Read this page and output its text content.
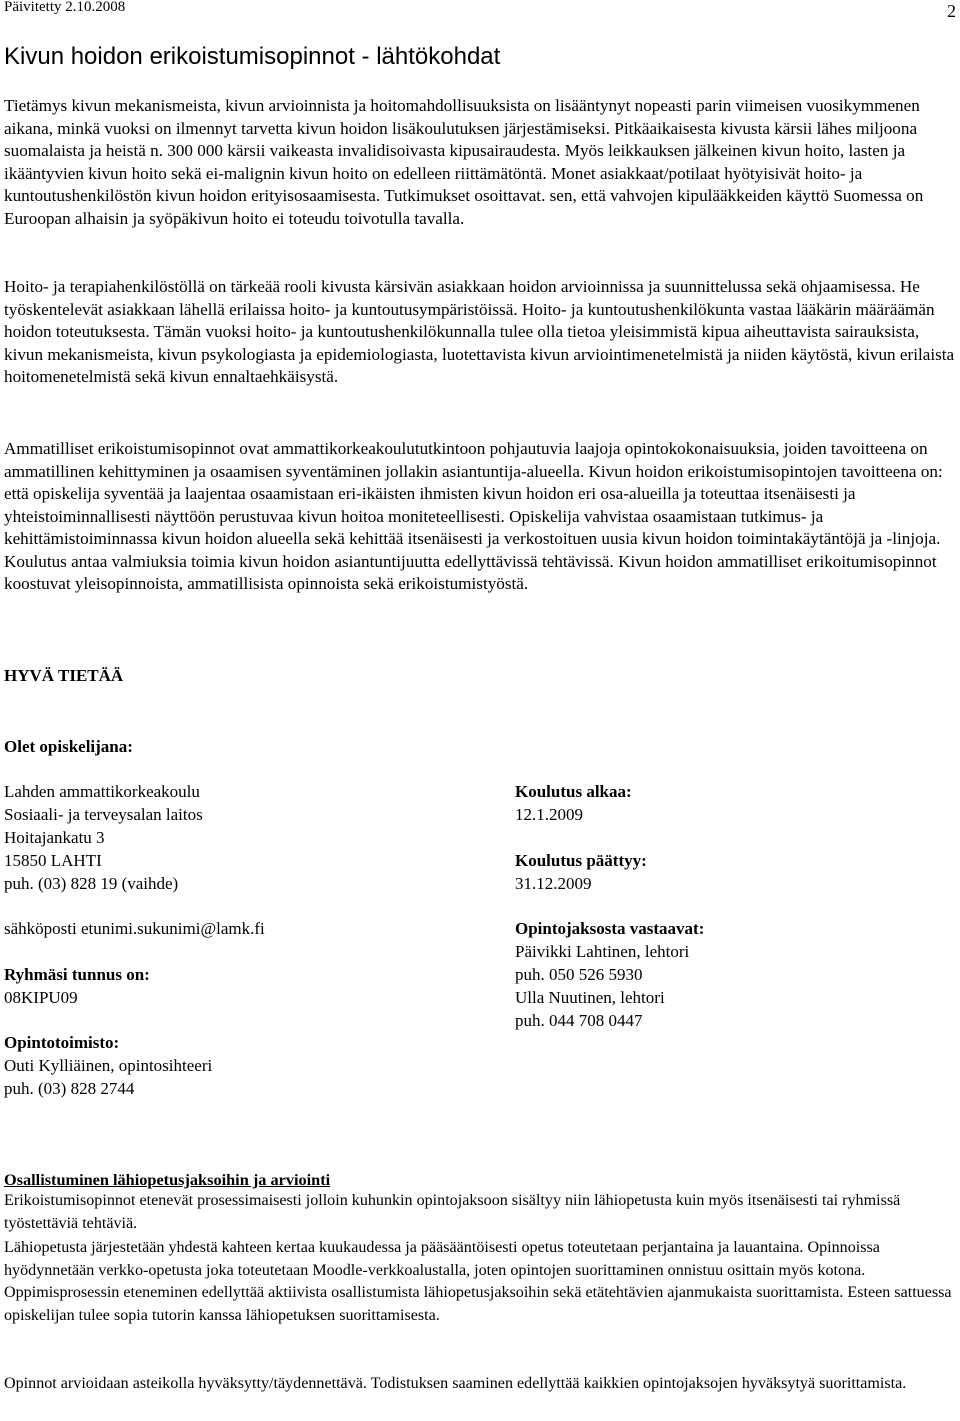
Päivitetty 2.10.2008	2
Kivun hoidon erikoistumisopinnot - lähtökohdat

Tietämys kivun mekanismeista, kivun arvioinnista ja hoitomahdollisuuksista on lisääntynyt nopeasti parin viimeisen vuosikymmenen aikana, minkä vuoksi on ilmennyt tarvetta kivun hoidon lisäkoulutuksen järjestämiseksi. Pitkäaikaisesta kivusta kärsii lähes miljoona suomalaista ja heistä n. 300 000 kärsii vaikeasta invalidisoivasta kipusairaudesta. Myös leikkauksen jälkeinen kivun hoito, lasten ja ikääntyvien kivun hoito sekä ei-malignin kivun hoito on edelleen riittämätöntä. Monet asiakkaat/potilaat hyötyisivät hoito- ja kuntoutushenkilöstön kivun hoidon erityisosaamisesta. Tutkimukset osoittavat. sen, että vahvojen kipulääkkeiden käyttö Suomessa on Euroopan alhaisin ja syöpäkivun hoito ei toteudu toivotulla tavalla.

Hoito- ja terapiahenkilöstöllä on tärkeää rooli kivusta kärsivän asiakkaan hoidon arvioinnissa ja suunnittelussa sekä ohjaamisessa. He työskentelevät asiakkaan lähellä erilaissa hoito- ja kuntoutusympäristöissä. Hoito- ja kuntoutushenkilökunta vastaa lääkärin määräämän hoidon toteutuksesta. Tämän vuoksi hoito- ja kuntoutushenkilökunnalla tulee olla tietoa yleisimmistä kipua aiheuttavista sairauksista, kivun mekanismeista, kivun psykologiasta ja epidemiologiasta, luotettavista kivun arviointimenetelmistä ja niiden käytöstä, kivun erilaista hoitomenetelmistä sekä kivun ennaltaehkäisystä.

Ammatilliset erikoistumisopinnot ovat ammattikorkeakoulututkintoon pohjautuvia laajoja opintokokonaisuuksia, joiden tavoitteena on ammatillinen kehittyminen ja osaamisen syventäminen jollakin asiantuntija-alueella. Kivun hoidon erikoistumisopintojen tavoitteena on: että opiskelija syventää ja laajentaa osaamistaan eri-ikäisten ihmisten kivun hoidon eri osa-alueilla ja toteuttaa itsenäisesti ja yhteistoiminnallisesti näyttöön perustuvaa kivun hoitoa moniteteellisesti. Opiskelija vahvistaa osaamistaan tutkimus- ja kehittämistoiminnassa kivun hoidon alueella sekä kehittää itsenäisesti ja verkostoituen uusia kivun hoidon toimintakäytäntöjä ja -linjoja. Koulutus antaa valmiuksia toimia kivun hoidon asiantuntijuutta edellyttävissä tehtävissä. Kivun hoidon ammatilliset erikoitumisopinnot koostuvat yleisopinnoista, ammatillisista opinnoista sekä erikoistumistyöstä.

HYVÄ TIETÄÄ
Olet opiskelijana:
Lahden ammattikorkeakoulu
Sosiaali- ja terveysalan laitos
Hoitajankatu 3
15850 LAHTI
puh. (03) 828 19 (vaihde)
sähköposti etunimi.sukunimi@lamk.fi
Ryhmäsi tunnus on:
08KIPU09
Opintotoimisto:
Outi Kylliäinen, opintosihteeri
puh. (03) 828 2744
Koulutus alkaa:
12.1.2009

Koulutus päättyy:
31.12.2009
Opintojaksosta vastaavat:
Päivikki Lahtinen, lehtori
puh. 050 526 5930
Ulla Nuutinen, lehtori
puh. 044 708 0447
Osallistuminen lähiopetusjaksoihin ja arviointi

Erikoistumisopinnot etenevät prosessimaisesti jolloin kuhunkin opintojaksoon sisältyy niin lähiopetusta kuin myös itsenäisesti tai ryhmissä työstettäviä tehtäviä.

Lähiopetusta järjestetään yhdestä kahteen kertaa kuukaudessa ja pääsääntöisesti opetus toteutetaan perjantaina ja lauantaina. Opinnoissa hyödynnetään verkko-opetusta joka toteutetaan Moodle-verkkoalustalla, joten opintojen suorittaminen onnistuu osittain myös kotona. Oppimisprosessin eteneminen edellyttää aktiivista osallistumista lähiopetusjaksoihin sekä etätehtävien ajanmukaista suorittamista. Esteen sattuessa opiskelijan tulee sopia tutorin kanssa lähiopetuksen suorittamisesta.

Opinnot arvioidaan asteikolla hyväksytty/täydennettävä. Todistuksen saaminen edellyttää kaikkien opintojaksojen hyväksytyä suorittamista.
